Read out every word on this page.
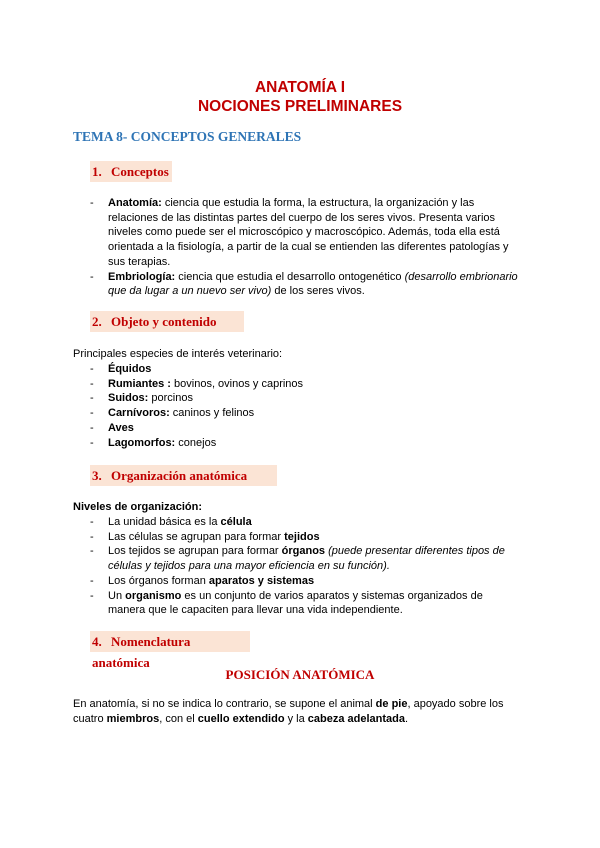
ANATOMÍA I
NOCIONES PRELIMINARES
TEMA 8- CONCEPTOS GENERALES
1. Conceptos
- Anatomía: ciencia que estudia la forma, la estructura, la organización y las relaciones de las distintas partes del cuerpo de los seres vivos. Presenta varios niveles como puede ser el microscópico y macroscópico. Además, toda ella está orientada a la fisiología, a partir de la cual se entienden las diferentes patologías y sus terapias.
- Embriología: ciencia que estudia el desarrollo ontogenético (desarrollo embrionario que da lugar a un nuevo ser vivo) de los seres vivos.
2. Objeto y contenido
Principales especies de interés veterinario:
- Équidos
- Rumiantes : bovinos, ovinos y caprinos
- Suidos: porcinos
- Carnívoros: caninos y felinos
- Aves
- Lagomorfos: conejos
3. Organización anatómica
Niveles de organización:
- La unidad básica es la célula
- Las células se agrupan para formar tejidos
- Los tejidos se agrupan para formar órganos (puede presentar diferentes tipos de células y tejidos para una mayor eficiencia en su función).
- Los órganos forman aparatos y sistemas
- Un organismo es un conjunto de varios aparatos y sistemas organizados de manera que le capaciten para llevar una vida independiente.
4. Nomenclatura anatómica
POSICIÓN ANATÓMICA
En anatomía, si no se indica lo contrario, se supone el animal de pie, apoyado sobre los cuatro miembros, con el cuello extendido y la cabeza adelantada.
